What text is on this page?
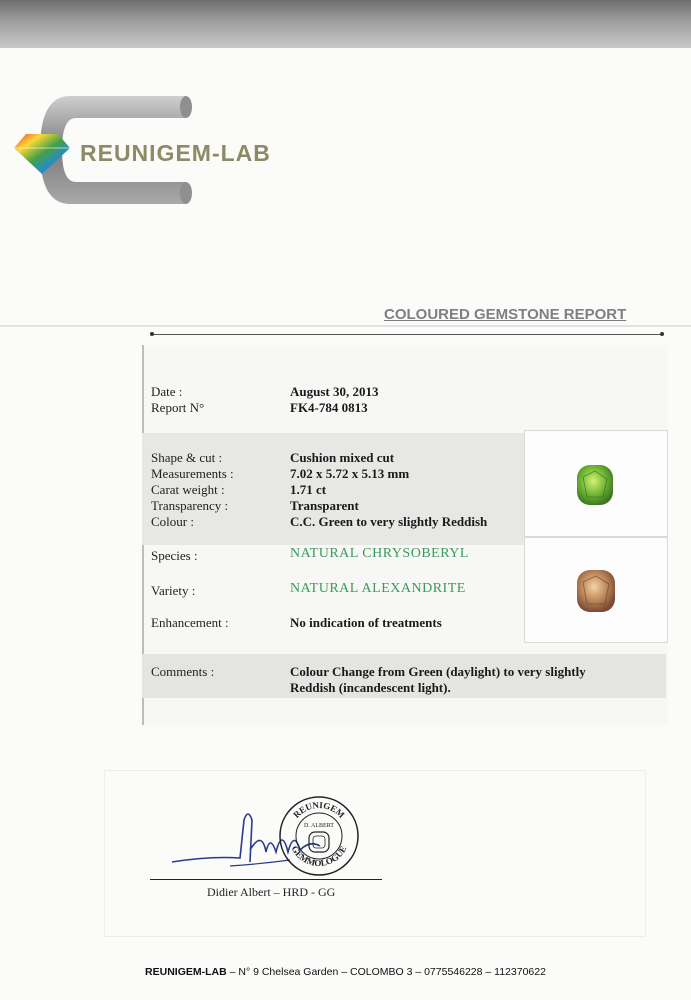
REUNIGEM-LAB
COLOURED GEMSTONE REPORT
Date :	August 30, 2013
Report N°	FK4-784 0813
Shape & cut :	Cushion mixed cut
Measurements :	7.02 x 5.72 x 5.13 mm
Carat weight :	1.71 ct
Transparency :	Transparent
Colour :	C.C. Green to very slightly Reddish
Species :	NATURAL CHRYSOBERYL
Variety :	NATURAL ALEXANDRITE
Enhancement :	No indication of treatments
Comments :	Colour Change from Green (daylight) to very slightly
Reddish (incandescent light).
REUNIGEM
GEMMOLOGUE
D. ALBERT
Didier Albert – HRD - GG
REUNIGEM-LAB – N° 9 Chelsea Garden – COLOMBO 3 – 0775546228 – 112370622
